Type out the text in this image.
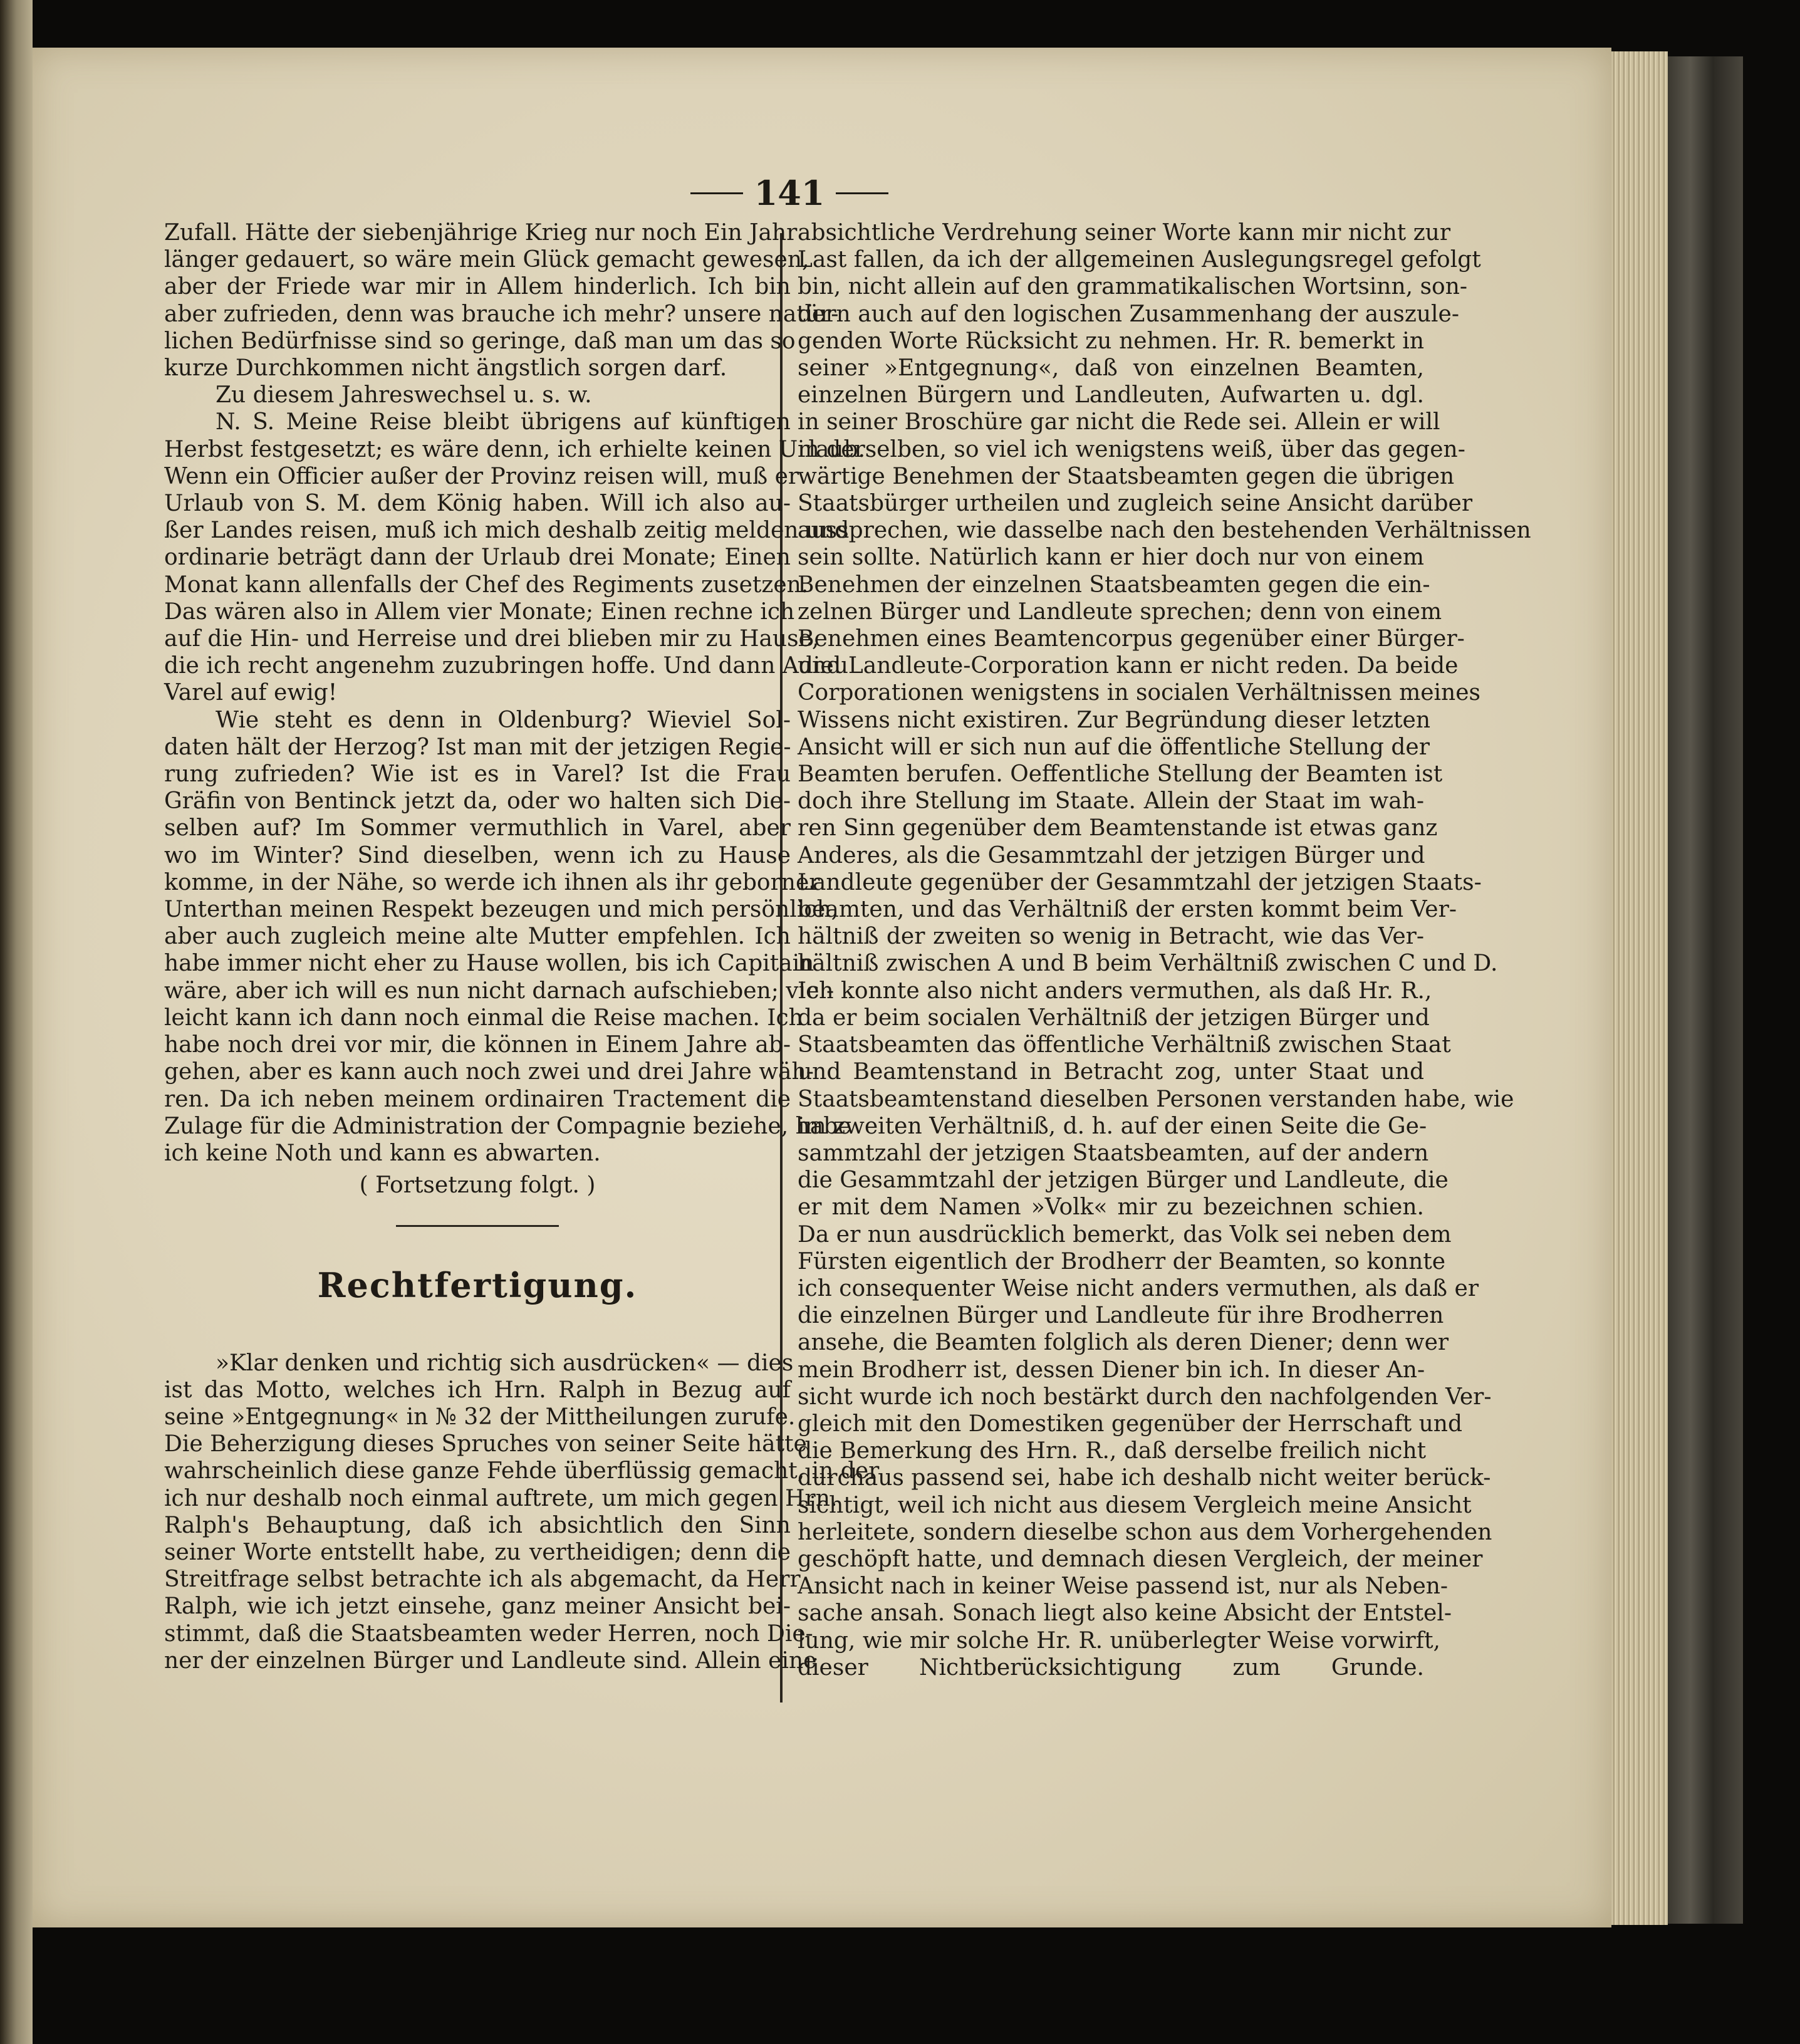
141
Zufall. Hätte der siebenjährige Krieg nur noch Ein Jahr
länger gedauert, so wäre mein Glück gemacht gewesen,
aber der Friede war mir in Allem hinderlich. Ich bin
aber zufrieden, denn was brauche ich mehr? unsere natür-
lichen Bedürfnisse sind so geringe, daß man um das so
kurze Durchkommen nicht ängstlich sorgen darf.
Zu diesem Jahreswechsel u. s. w.
N. S. Meine Reise bleibt übrigens auf künftigen
Herbst festgesetzt; es wäre denn, ich erhielte keinen Urlaub.
Wenn ein Officier außer der Provinz reisen will, muß er
Urlaub von S. M. dem König haben. Will ich also au-
ßer Landes reisen, muß ich mich deshalb zeitig melden und
ordinarie beträgt dann der Urlaub drei Monate; Einen
Monat kann allenfalls der Chef des Regiments zusetzen.
Das wären also in Allem vier Monate; Einen rechne ich
auf die Hin- und Herreise und drei blieben mir zu Hause,
die ich recht angenehm zuzubringen hoffe. Und dann Adieu
Varel auf ewig!
Wie steht es denn in Oldenburg? Wieviel Sol-
daten hält der Herzog? Ist man mit der jetzigen Regie-
rung zufrieden? Wie ist es in Varel? Ist die Frau
Gräfin von Bentinck jetzt da, oder wo halten sich Die-
selben auf? Im Sommer vermuthlich in Varel, aber
wo im Winter? Sind dieselben, wenn ich zu Hause
komme, in der Nähe, so werde ich ihnen als ihr geborner
Unterthan meinen Respekt bezeugen und mich persönlich,
aber auch zugleich meine alte Mutter empfehlen. Ich
habe immer nicht eher zu Hause wollen, bis ich Capitain
wäre, aber ich will es nun nicht darnach aufschieben; viel-
leicht kann ich dann noch einmal die Reise machen. Ich
habe noch drei vor mir, die können in Einem Jahre ab-
gehen, aber es kann auch noch zwei und drei Jahre wäh-
ren. Da ich neben meinem ordinairen Tractement die
Zulage für die Administration der Compagnie beziehe, habe
ich keine Noth und kann es abwarten.
( Fortsetzung folgt. )
Rechtfertigung.
»Klar denken und richtig sich ausdrücken« — dies
ist das Motto, welches ich Hrn. Ralph in Bezug auf
seine »Entgegnung« in № 32 der Mittheilungen zurufe.
Die Beherzigung dieses Spruches von seiner Seite hätte
wahrscheinlich diese ganze Fehde überflüssig gemacht, in der
ich nur deshalb noch einmal auftrete, um mich gegen Hrn.
Ralph's Behauptung, daß ich absichtlich den Sinn
seiner Worte entstellt habe, zu vertheidigen; denn die
Streitfrage selbst betrachte ich als abgemacht, da Herr
Ralph, wie ich jetzt einsehe, ganz meiner Ansicht bei-
stimmt, daß die Staatsbeamten weder Herren, noch Die-
ner der einzelnen Bürger und Landleute sind. Allein eine
absichtliche Verdrehung seiner Worte kann mir nicht zur
Last fallen, da ich der allgemeinen Auslegungsregel gefolgt
bin, nicht allein auf den grammatikalischen Wortsinn, son-
dern auch auf den logischen Zusammenhang der auszule-
genden Worte Rücksicht zu nehmen. Hr. R. bemerkt in
seiner »Entgegnung«, daß von einzelnen Beamten,
einzelnen Bürgern und Landleuten, Aufwarten u. dgl.
in seiner Broschüre gar nicht die Rede sei. Allein er will
in derselben, so viel ich wenigstens weiß, über das gegen-
wärtige Benehmen der Staatsbeamten gegen die übrigen
Staatsbürger urtheilen und zugleich seine Ansicht darüber
aussprechen, wie dasselbe nach den bestehenden Verhältnissen
sein sollte. Natürlich kann er hier doch nur von einem
Benehmen der einzelnen Staatsbeamten gegen die ein-
zelnen Bürger und Landleute sprechen; denn von einem
Benehmen eines Beamtencorpus gegenüber einer Bürger-
und Landleute-Corporation kann er nicht reden. Da beide
Corporationen wenigstens in socialen Verhältnissen meines
Wissens nicht existiren. Zur Begründung dieser letzten
Ansicht will er sich nun auf die öffentliche Stellung der
Beamten berufen. Oeffentliche Stellung der Beamten ist
doch ihre Stellung im Staate. Allein der Staat im wah-
ren Sinn gegenüber dem Beamtenstande ist etwas ganz
Anderes, als die Gesammtzahl der jetzigen Bürger und
Landleute gegenüber der Gesammtzahl der jetzigen Staats-
beamten, und das Verhältniß der ersten kommt beim Ver-
hältniß der zweiten so wenig in Betracht, wie das Ver-
hältniß zwischen A und B beim Verhältniß zwischen C und D.
Ich konnte also nicht anders vermuthen, als daß Hr. R.,
da er beim socialen Verhältniß der jetzigen Bürger und
Staatsbeamten das öffentliche Verhältniß zwischen Staat
und Beamtenstand in Betracht zog, unter Staat und
Staatsbeamtenstand dieselben Personen verstanden habe, wie
im zweiten Verhältniß, d. h. auf der einen Seite die Ge-
sammtzahl der jetzigen Staatsbeamten, auf der andern
die Gesammtzahl der jetzigen Bürger und Landleute, die
er mit dem Namen »Volk« mir zu bezeichnen schien.
Da er nun ausdrücklich bemerkt, das Volk sei neben dem
Fürsten eigentlich der Brodherr der Beamten, so konnte
ich consequenter Weise nicht anders vermuthen, als daß er
die einzelnen Bürger und Landleute für ihre Brodherren
ansehe, die Beamten folglich als deren Diener; denn wer
mein Brodherr ist, dessen Diener bin ich. In dieser An-
sicht wurde ich noch bestärkt durch den nachfolgenden Ver-
gleich mit den Domestiken gegenüber der Herrschaft und
die Bemerkung des Hrn. R., daß derselbe freilich nicht
durchaus passend sei, habe ich deshalb nicht weiter berück-
sichtigt, weil ich nicht aus diesem Vergleich meine Ansicht
herleitete, sondern dieselbe schon aus dem Vorhergehenden
geschöpft hatte, und demnach diesen Vergleich, der meiner
Ansicht nach in keiner Weise passend ist, nur als Neben-
sache ansah. Sonach liegt also keine Absicht der Entstel-
lung, wie mir solche Hr. R. unüberlegter Weise vorwirft,
dieser Nichtberücksichtigung zum Grunde.
